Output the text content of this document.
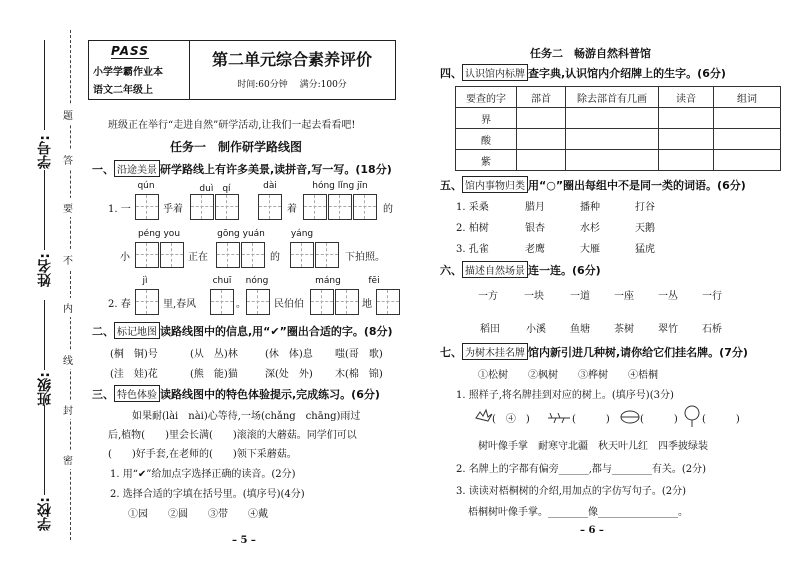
学校:
班级:
姓名:
学号:
题
答
要
不
内
线
封
密
PASS
小学学霸作业本
语文二年级上
第二单元综合素养评价
时间:60分钟　 满分:100分
班级正在举行“走进自然”研学活动,让我们一起去看看吧!
任务一　制作研学路线图
一、 沿途美景 研学路线上有许多美景,读拼音,写一写。(18分)
qún	duì　qí	dài	hóng lǐng jīn
1. 一	乎着	着	的
péng you	gōng yuán	yáng
小	正在	的	下拍照。
jì	chuī nóng	máng	fēi
2. 春	里,春风	。	民伯伯	地
二、 标记地图 读路线图中的信息,用“✔”圈出合适的字。(8分)
(桐　铜)号	(从　丛)林	(休　体)息 嗤(哥　歌)
(洼　娃)花	(熊　能)猫	深(处　外) 木(棉　锦)
三、 特色体验 读路线图中的特色体验提示,完成练习。(6分)
如果耐(lài　nài)心等待,一场(chǎng　chāng)雨过
后,植物(　　)里会长满(　　)滚滚的大蘑菇。同学们可以
(　　)好手套,在老师的(　　)领下采蘑菇。
1. 用“✔”给加点字选择正确的读音。(2分)
2. 选择合适的字填在括号里。(填序号)(4分)
①园　　②圆　　③带　　④戴
– 5 –
任务二　畅游自然科普馆
四、 认识馆内标牌 查字典,认识馆内介绍牌上的生字。(6分)
要查的字	部首	除去部首有几画	读音	组词
界				
酸				
紫				
五、 馆内事物归类 用“○”圈出每组中不是同一类的词语。(6分)
1. 采桑	腊月	播种	打谷
2. 柏树	银杏	水杉	天鹅
3. 孔雀	老鹰	大雁	猛虎
六、 描述自然场景 连一连。(6分)
一方	一块	一道 一座 一丛 一行
稻田	小溪 鱼塘 茶树 翠竹 石桥
七、 为树木挂名牌 馆内新引进几种树,请你给它们挂名牌。(7分)
①松树　　②枫树　　③桦树　　④梧桐
1. 照样子,将名牌挂到对应的树上。(填序号)(3分)
(　④　)	(　　　)	(　　　) (　　　)
树叶像手掌　耐寒守北疆　秋天叶儿红　四季披绿装
2. 名牌上的字都有偏旁______,都与________有关。(2分)
3. 读读对梧桐树的介绍,用加点的字仿写句子。(2分)
梧桐树叶像手掌。________像________________。
– 6 –
